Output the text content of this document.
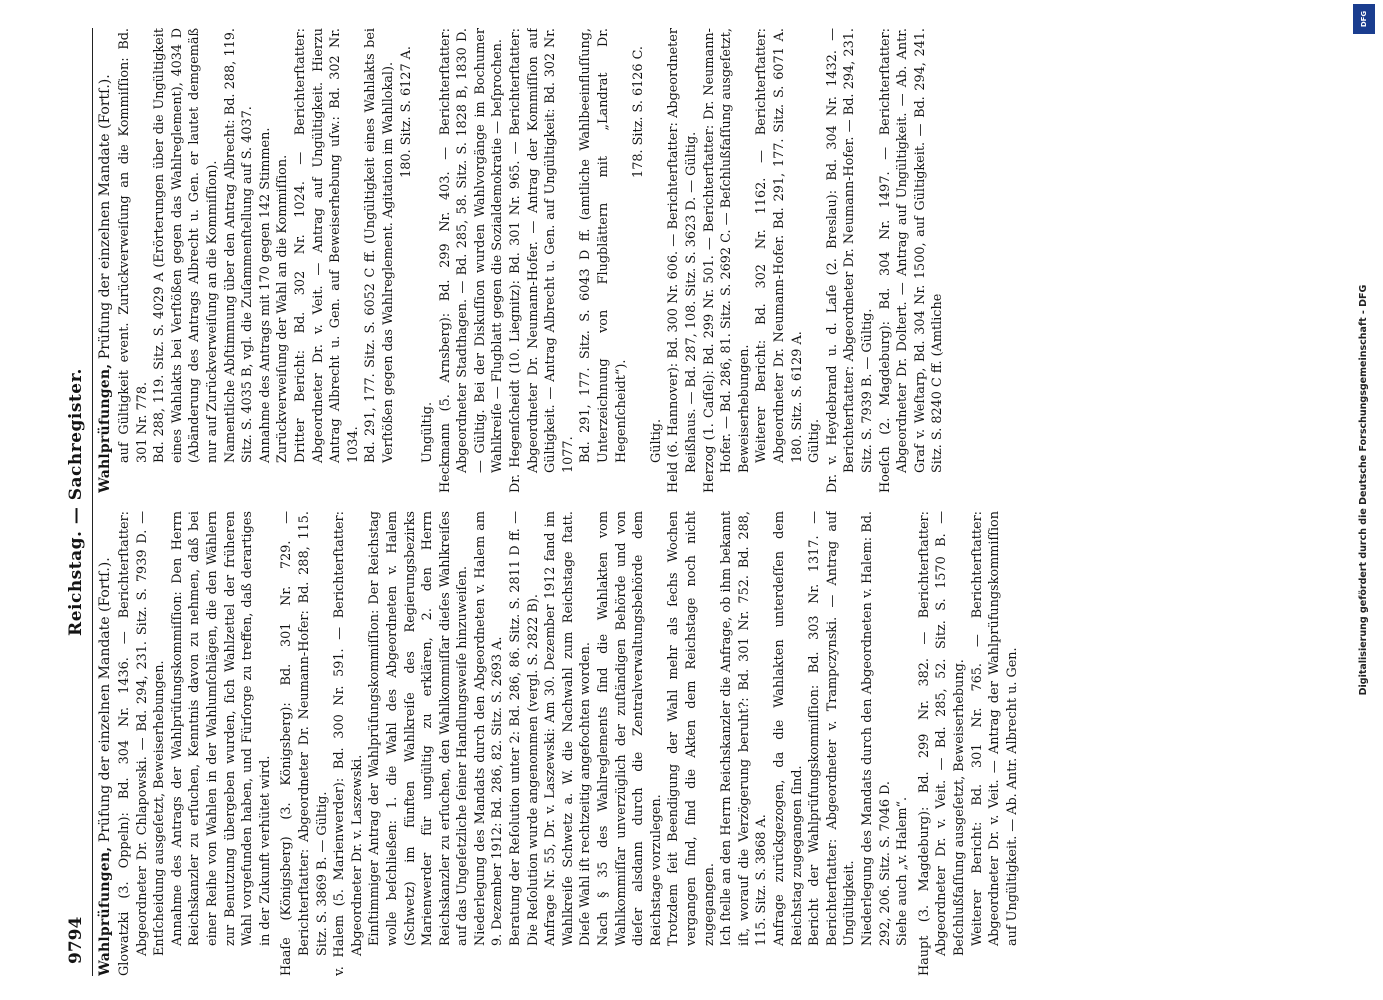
9794
Reichstag. — Sachregister.
Wahlprüfungen, Prüfung der einzelnen Mandate (Fortſ.). Glowatzki (3. Oppeln): Bd. 304 Nr. 1436. — Berichterſtatter: Abgeordneter Dr. Chlapowski. — Bd. 294, 231. Sitz. S. 7939 D. — Entſcheidung ausgeſetzt, Beweiserhebungen. Annahme des Antrags der Wahlprüfungskommiſſion: Den Herrn Reichskanzler zu erſuchen, Kenntnis davon zu nehmen, daß bei einer Reihe von Wahlen in der Wahlumſchlägen, die den Wählern zur Benutzung übergeben wurden, ſich Wahlzettel der früheren Wahl vorgefunden haben, und Fürſorge zu treffen, daß derartiges in der Zukunft verhütet wird. Haaſe (Königsberg) (3. Königsberg): Bd. 301 Nr. 729. — Berichterſtatter: Abgeordneter Dr. Neumann-Hofer: Bd. 288, 115. Sitz. S. 3869 B. — Gültig. v. Halem (5. Marienwerder): Bd. 300 Nr. 591. — Berichterſtatter: Abgeordneter Dr. v. Laszewski. Einſtimmiger Antrag der Wahlprüfungskommiſſion: Der Reichstag wolle beſchließen: 1. die Wahl des Abgeordneten v. Halem (Schwetz) im fünften Wahlkreiſe des Regierungsbezirks Marienwerder für ungültig zu erklären, 2. den Herrn Reichskanzler zu erſuchen, den Wahlkommiſſar dieſes Wahlkreiſes auf das Ungeſetzliche ſeiner Handlungsweiſe hinzuweiſen. Niederlegung des Mandats durch den Abgeordneten v. Halem am 9. Dezember 1912: Bd. 286, 82. Sitz. S. 2693 A. Beratung der Reſolution unter 2: Bd. 286, 86. Sitz. S. 2811 D ff. — Die Reſolution wurde angenommen (vergl. S. 2822 B). Anfrage Nr. 55, Dr. v. Laszewski: Am 30. Dezember 1912 fand im Wahlkreiſe Schwetz a. W. die Nachwahl zum Reichstage ſtatt. Dieſe Wahl iſt rechtzeitig angefochten worden. Nach § 35 des Wahlreglements ſind die Wahlakten vom Wahlkommiſſar unverzüglich der zuſtändigen Behörde und von dieſer alsdann durch die Zentralverwaltungsbehörde dem Reichstage vorzulegen. Trotzdem ſeit Beendigung der Wahl mehr als ſechs Wochen vergangen ſind, ſind die Akten dem Reichstage noch nicht zugegangen. Ich ſtelle an den Herrn Reichskanzler die Anfrage, ob ihm bekannt iſt, worauf die Verzögerung beruht?: Bd. 301 Nr. 752. Bd. 288, 115. Sitz. S. 3868 A. Anfrage zurückgezogen, da die Wahlakten unterdeſſen dem Reichstag zugegangen ſind. Bericht der Wahlprüfungskommiſſion: Bd. 303 Nr. 1317. — Berichterſtatter: Abgeordneter v. Trampczynski. — Antrag auf Ungültigkeit. Niederlegung des Mandats durch den Abgeordneten v. Halem: Bd. 292, 206. Sitz. S. 7046 D. Siehe auch „v. Halem“. Haupt (3. Magdeburg): Bd. 299 Nr. 382. — Berichterſtatter: Abgeordneter Dr. v. Veit. — Bd. 285, 52. Sitz. S. 1570 B. — Beſchlußfaſſung ausgeſetzt, Beweiserhebung. Weiterer Bericht: Bd. 301 Nr. 765. — Berichterſtatter: Abgeordneter Dr. v. Veit. — Antrag der Wahlprüfungskommiſſion auf Ungültigkeit. — Ab. Antr. Albrecht u. Gen.

Wahlprüfungen, Prüfung der einzelnen Mandate (Fortſ.). auf Gültigkeit event. Zurückverweiſung an die Kommiſſion: Bd. 301 Nr. 778. Bd. 288, 119. Sitz. S. 4029 A (Erörterungen über die Ungültigkeit eines Wahlakts bei Verſtößen gegen das Wahlreglement), 4034 D (Abänderung des Antrags Albrecht u. Gen. er lautet demgemäß nur auf Zurückverweiſung an die Kommiſſion). Namentliche Abſtimmung über den Antrag Albrecht: Bd. 288, 119. Sitz. S. 4035 B, vgl. die Zuſammenſtellung auf S. 4037. Annahme des Antrags mit 170 gegen 142 Stimmen. Zurückverweiſung der Wahl an die Kommiſſion. Dritter Bericht: Bd. 302 Nr. 1024. — Berichterſtatter: Abgeordneter Dr. v. Veit. — Antrag auf Ungültigkeit. Hierzu Antrag Albrecht u. Gen. auf Beweiserhebung uſw.: Bd. 302 Nr. 1034. Bd. 291, 177. Sitz. S. 6052 C ff. (Ungültigkeit eines Wahlakts bei Verſtößen gegen das Wahlreglement. Agitation im Wahllokal). 180. Sitz. S. 6127 A.

Ungültig. Heckmann (5. Arnsberg): Bd. 299 Nr. 403. — Berichterſtatter: Abgeordneter Stadthagen. — Bd. 285, 58. Sitz. S. 1828 B, 1830 D. — Gültig. Bei der Diskuſſion wurden Wahlvorgänge im Bochumer Wahlkreiſe — Flugblatt gegen die Sozialdemokratie — beſprochen. Dr. Hegenſcheidt (10. Liegnitz): Bd. 301 Nr. 965. — Berichterſtatter: Abgeordneter Dr. Neumann-Hofer. — Antrag der Kommiſſion auf Gültigkeit. — Antrag Albrecht u. Gen. auf Ungültigkeit: Bd. 302 Nr. 1077. Bd. 291, 177. Sitz. S. 6043 D ff. (amtliche Wahlbeeinfluſſung, Unterzeichnung von Flugblättern mit „Landrat Dr. Hegenſcheidt“).

178. Sitz. S. 6126 C.

Gültig. Held (6. Hannover): Bd. 300 Nr. 606. — Berichterſtatter: Abgeordneter Reißhaus. — Bd. 287, 108. Sitz. S. 3623 D. — Gültig. Herzog (1. Caſſel): Bd. 299 Nr. 501. — Berichterſtatter: Dr. Neumann-Hofer. — Bd. 286, 81. Sitz. S. 2692 C. — Beſchlußfaſſung ausgeſetzt, Beweiserhebungen. Weiterer Bericht: Bd. 302 Nr. 1162. — Berichterſtatter: Abgeordneter Dr. Neumann-Hofer. Bd. 291, 177. Sitz. S. 6071 A. 180. Sitz. S. 6129 A. Gültig. Dr. v. Heydebrand u. d. Laſe (2. Breslau): Bd. 304 Nr. 1432. — Berichterſtatter: Abgeordneter Dr. Neumann-Hofer. — Bd. 294, 231. Sitz. S. 7939 B. — Gültig. Hoeſch (2. Magdeburg): Bd. 304 Nr. 1497. — Berichterſtatter: Abgeordneter Dr. Doltert. — Antrag auf Ungültigkeit. — Ab. Antr. Graf v. Weſtarp, Bd. 304 Nr. 1500, auf Gültigkeit. — Bd. 294, 241. Sitz. S. 8240 C ff. (Amtliche

DFG
Digitalisierung gefördert durch die Deutsche Forschungsgemeinschaft - DFG
